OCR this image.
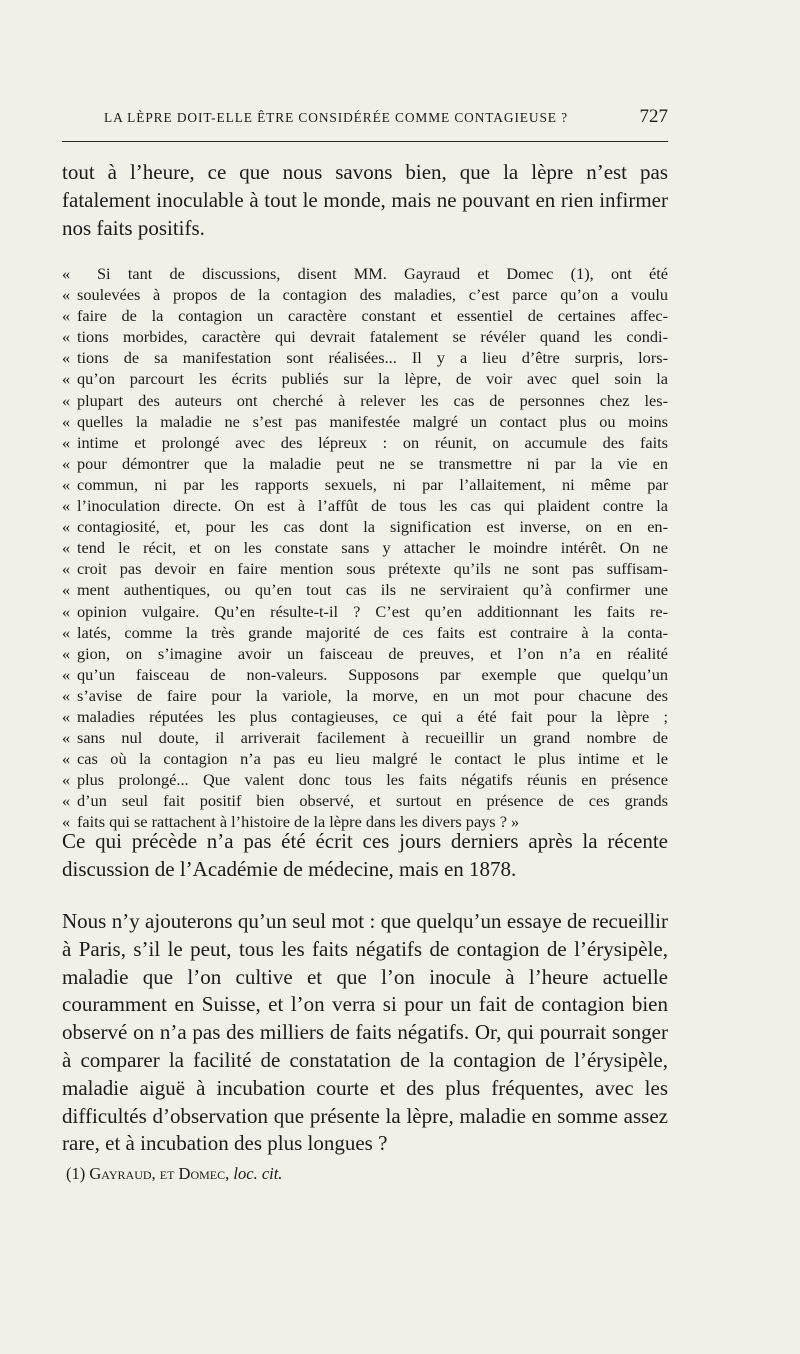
LA LÈPRE DOIT-ELLE ÊTRE CONSIDÉRÉE COMME CONTAGIEUSE ?	727

tout à l’heure, ce que nous savons bien, que la lèpre n’est pas fatalement inoculable à tout le monde, mais ne pouvant en rien infirmer nos faits positifs.

« Si tant de discussions, disent MM. Gayraud et Domec (1), ont été
« soulevées à propos de la contagion des maladies, c’est parce qu’on a voulu
« faire de la contagion un caractère constant et essentiel de certaines affec-
« tions morbides, caractère qui devrait fatalement se révéler quand les condi-
« tions de sa manifestation sont réalisées... Il y a lieu d’être surpris, lors-
« qu’on parcourt les écrits publiés sur la lèpre, de voir avec quel soin la
« plupart des auteurs ont cherché à relever les cas de personnes chez les-
« quelles la maladie ne s’est pas manifestée malgré un contact plus ou moins
« intime et prolongé avec des lépreux : on réunit, on accumule des faits
« pour démontrer que la maladie peut ne se transmettre ni par la vie en
« commun, ni par les rapports sexuels, ni par l’allaitement, ni même par
« l’inoculation directe. On est à l’affût de tous les cas qui plaident contre la
« contagiosité, et, pour les cas dont la signification est inverse, on en en-
« tend le récit, et on les constate sans y attacher le moindre intérêt. On ne
« croit pas devoir en faire mention sous prétexte qu’ils ne sont pas suffisam-
« ment authentiques, ou qu’en tout cas ils ne serviraient qu’à confirmer une
« opinion vulgaire. Qu’en résulte-t-il ? C’est qu’en additionnant les faits re-
« latés, comme la très grande majorité de ces faits est contraire à la conta-
« gion, on s’imagine avoir un faisceau de preuves, et l’on n’a en réalité
« qu’un faisceau de non-valeurs. Supposons par exemple que quelqu’un
« s’avise de faire pour la variole, la morve, en un mot pour chacune des
« maladies réputées les plus contagieuses, ce qui a été fait pour la lèpre ;
« sans nul doute, il arriverait facilement à recueillir un grand nombre de
« cas où la contagion n’a pas eu lieu malgré le contact le plus intime et le
« plus prolongé... Que valent donc tous les faits négatifs réunis en présence
« d’un seul fait positif bien observé, et surtout en présence de ces grands
« faits qui se rattachent à l’histoire de la lèpre dans les divers pays ? »

Ce qui précède n’a pas été écrit ces jours derniers après la récente discussion de l’Académie de médecine, mais en 1878.

Nous n’y ajouterons qu’un seul mot : que quelqu’un essaye de recueillir à Paris, s’il le peut, tous les faits négatifs de contagion de l’érysipèle, maladie que l’on cultive et que l’on inocule à l’heure actuelle couramment en Suisse, et l’on verra si pour un fait de contagion bien observé on n’a pas des milliers de faits négatifs. Or, qui pourrait songer à comparer la facilité de constatation de la contagion de l’érysipèle, maladie aiguë à incubation courte et des plus fréquentes, avec les difficultés d’observation que présente la lèpre, maladie en somme assez rare, et à incubation des plus longues ?

(1) Gayraud, et Domec, loc. cit.
